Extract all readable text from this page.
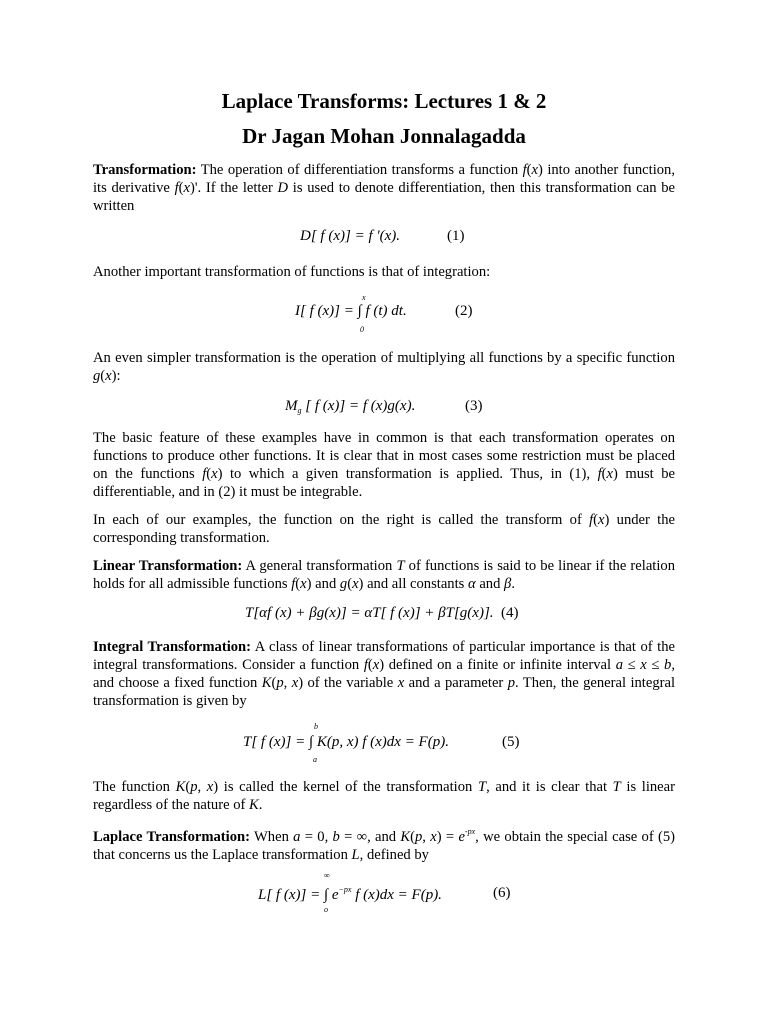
Laplace Transforms: Lectures 1 & 2
Dr Jagan Mohan Jonnalagadda

Transformation: The operation of differentiation transforms a function f(x) into another function, its derivative f(x)'. If the letter D is used to denote differentiation, then this transformation can be written

D[ f (x)] = f ′(x).	(1)

Another important transformation of functions is that of integration:

x
I[ f (x)] = ∫ f (t) dt.
0
(2)

An even simpler transformation is the operation of multiplying all functions by a specific function g(x):

$M_g$ [ f (x)] = f (x)g(x).	(3)

The basic feature of these examples have in common is that each transformation operates on functions to produce other functions. It is clear that in most cases some restriction must be placed on the functions f(x) to which a given transformation is applied. Thus, in (1), f(x) must be differentiable, and in (2) it must be integrable.

In each of our examples, the function on the right is called the transform of f(x) under the corresponding transformation.

Linear Transformation: A general transformation T of functions is said to be linear if the relation holds for all admissible functions f(x) and g(x) and all constants α and β.

T[αf (x) + βg(x)] = αT[ f (x)] + βT[g(x)]. (4)

Integral Transformation: A class of linear transformations of particular importance is that of the integral transformations. Consider a function f(x) defined on a finite or infinite interval a ≤ x ≤ b, and choose a fixed function K(p, x) of the variable x and a parameter p. Then, the general integral transformation is given by

b
T[ f (x)] = ∫ K(p, x) f (x)dx = F(p).
a
(5)

The function K(p, x) is called the kernel of the transformation T, and it is clear that T is linear regardless of the nature of K.

Laplace Transformation: When a = 0, b = ∞, and K(p, $x) = e^{-px}$, we obtain the special case of (5) that concerns us the Laplace transformation L, defined by

∞
L[ f (x)] = ∫ $e^{-px}$ f (x)dx = F(p).
o
(6)
